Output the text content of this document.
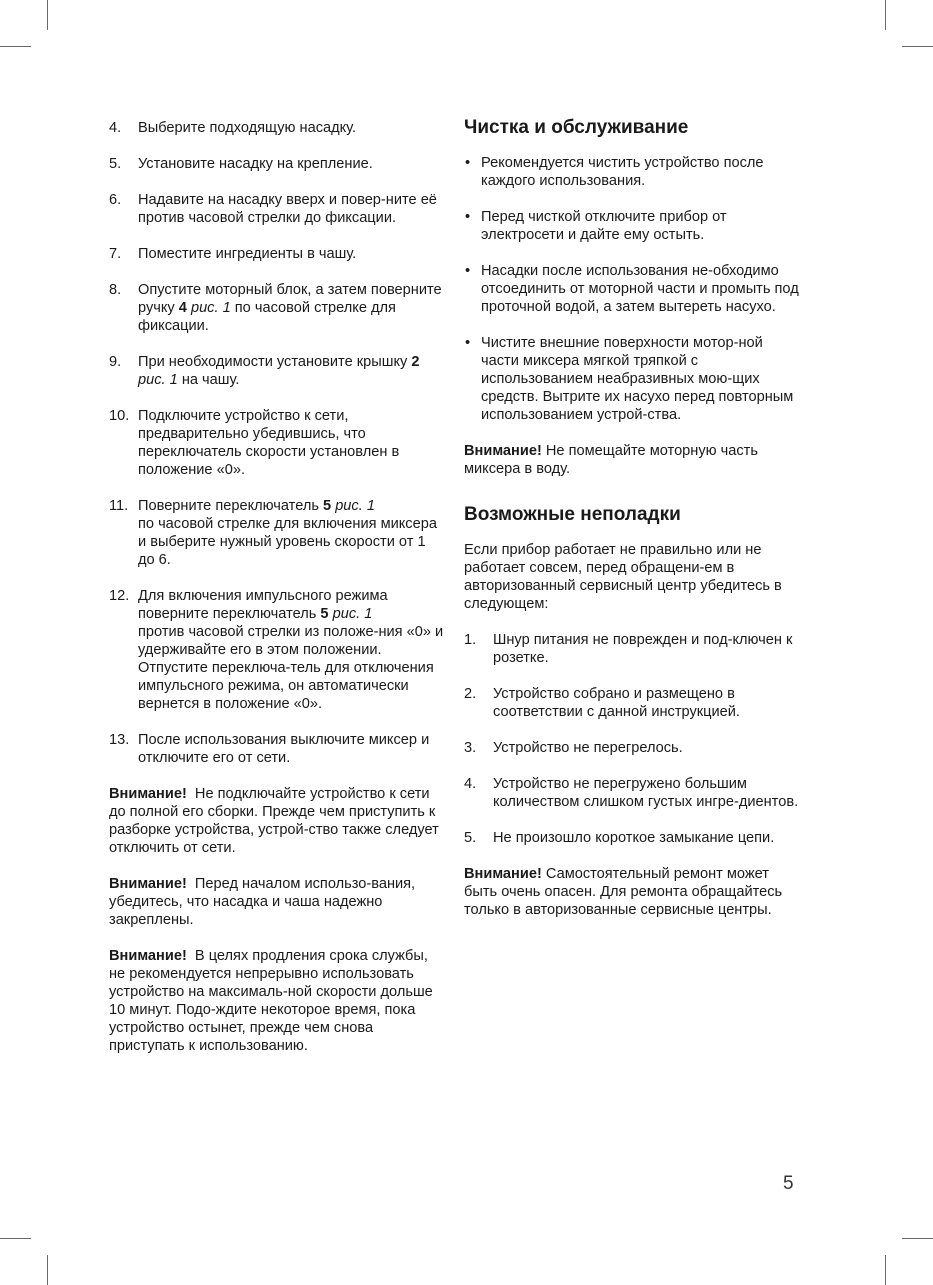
4. Выберите подходящую насадку.
5. Установите насадку на крепление.
6. Надавите на насадку вверх и повер-ните её против часовой стрелки до фиксации.
7. Поместите ингредиенты в чашу.
8. Опустите моторный блок, а затем поверните ручку 4 рис. 1 по часовой стрелке для фиксации.
9. При необходимости установите крышку 2 рис. 1 на чашу.
10. Подключите устройство к сети, предварительно убедившись, что переключатель скорости установлен в положение «0».
11. Поверните переключатель 5 рис. 1
по часовой стрелке для включения миксера и выберите нужный уровень скорости от 1 до 6.
12. Для включения импульсного режима поверните переключатель 5 рис. 1
против часовой стрелки из положе-ния «0» и удерживайте его в этом положении. Отпустите переключа-тель для отключения импульсного режима, он автоматически вернется в положение «0».
13. После использования выключите миксер и отключите его от сети.

Внимание! Не подключайте устройство к сети до полной его сборки. Прежде чем приступить к разборке устройства, устрой-ство также следует отключить от сети.

Внимание! Перед началом использо-вания, убедитесь, что насадка и чаша надежно закреплены.

Внимание! В целях продления срока службы, не рекомендуется непрерывно использовать устройство на максималь-ной скорости дольше 10 минут. Подо-ждите некоторое время, пока устройство остынет, прежде чем снова приступать к использованию.

Чистка и обслуживание
• Рекомендуется чистить устройство после каждого использования.
• Перед чисткой отключите прибор от электросети и дайте ему остыть.
• Насадки после использования не-обходимо отсоединить от моторной части и промыть под проточной водой, а затем вытереть насухо.
• Чистите внешние поверхности мотор-ной части миксера мягкой тряпкой с использованием неабразивных мою-щих средств. Вытрите их насухо перед повторным использованием устрой-ства.

Внимание! Не помещайте моторную часть миксера в воду.

Возможные неполадки

Если прибор работает не правильно или не работает совсем, перед обращени-ем в авторизованный сервисный центр убедитесь в следующем:

1. Шнур питания не поврежден и под-ключен к розетке.
2. Устройство собрано и размещено в соответствии с данной инструкцией.
3. Устройство не перегрелось.
4. Устройство не перегружено большим количеством слишком густых ингре-диентов.
5. Не произошло короткое замыкание цепи.

Внимание! Самостоятельный ремонт может быть очень опасен. Для ремонта обращайтесь только в авторизованные сервисные центры.

5
